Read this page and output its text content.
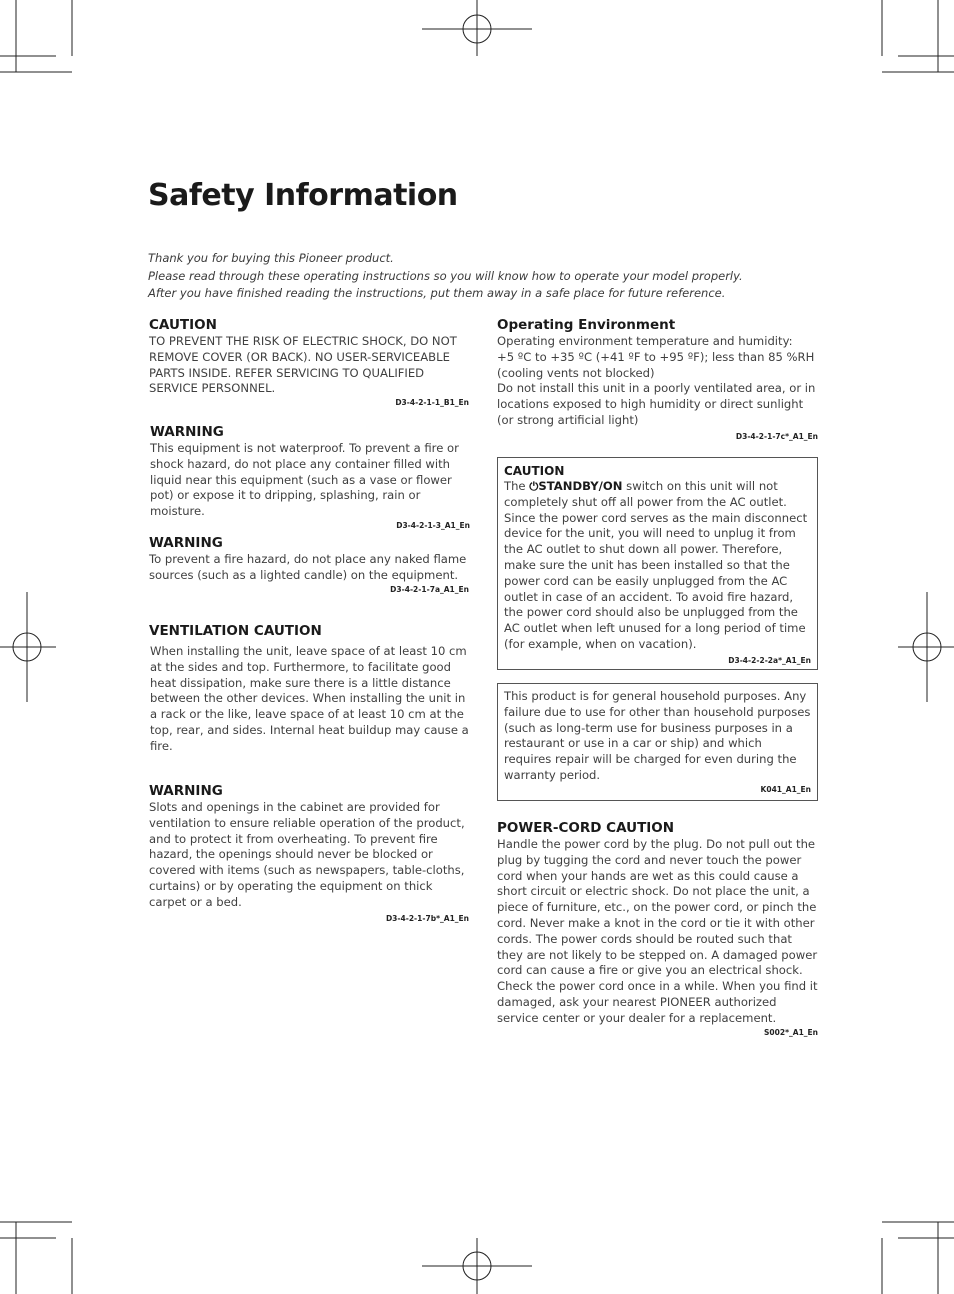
Safety Information
Thank you for buying this Pioneer product.
Please read through these operating instructions so you will know how to operate your model properly.
After you have finished reading the instructions, put them away in a safe place for future reference.
CAUTION

TO PREVENT THE RISK OF ELECTRIC SHOCK, DO NOT REMOVE COVER (OR BACK). NO USER-SERVICEABLE PARTS INSIDE. REFER SERVICING TO QUALIFIED SERVICE PERSONNEL.

D3-4-2-1-1_B1_En
WARNING

This equipment is not waterproof. To prevent a fire or shock hazard, do not place any container filled with liquid near this equipment (such as a vase or flower pot) or expose it to dripping, splashing, rain or moisture.

D3-4-2-1-3_A1_En
WARNING

To prevent a fire hazard, do not place any naked flame sources (such as a lighted candle) on the equipment.

D3-4-2-1-7a_A1_En
VENTILATION CAUTION

When installing the unit, leave space of at least 10 cm at the sides and top. Furthermore, to facilitate good heat dissipation, make sure there is a little distance between the other devices. When installing the unit in a rack or the like, leave space of at least 10 cm at the top, rear, and sides. Internal heat buildup may cause a fire.

WARNING

Slots and openings in the cabinet are provided for ventilation to ensure reliable operation of the product, and to protect it from overheating. To prevent fire hazard, the openings should never be blocked or covered with items (such as newspapers, table-cloths, curtains) or by operating the equipment on thick carpet or a bed.

D3-4-2-1-7b*_A1_En
Operating Environment

Operating environment temperature and humidity:

+5 ºC to +35 ºC (+41 ºF to +95 ºF); less than 85 %RH (cooling vents not blocked)

Do not install this unit in a poorly ventilated area, or in locations exposed to high humidity or direct sunlight (or strong artificial light)

D3-4-2-1-7c*_A1_En
CAUTION

The ⏻STANDBY/ON switch on this unit will not completely shut off all power from the AC outlet. Since the power cord serves as the main disconnect device for the unit, you will need to unplug it from the AC outlet to shut down all power. Therefore, make sure the unit has been installed so that the power cord can be easily unplugged from the AC outlet in case of an accident. To avoid fire hazard, the power cord should also be unplugged from the AC outlet when left unused for a long period of time (for example, when on vacation).

D3-4-2-2-2a*_A1_En

This product is for general household purposes. Any failure due to use for other than household purposes (such as long-term use for business purposes in a restaurant or use in a car or ship) and which requires repair will be charged for even during the warranty period.

K041_A1_En
POWER-CORD CAUTION

Handle the power cord by the plug. Do not pull out the plug by tugging the cord and never touch the power cord when your hands are wet as this could cause a short circuit or electric shock. Do not place the unit, a piece of furniture, etc., on the power cord, or pinch the cord. Never make a knot in the cord or tie it with other cords. The power cords should be routed such that they are not likely to be stepped on. A damaged power cord can cause a fire or give you an electrical shock. Check the power cord once in a while. When you find it damaged, ask your nearest PIONEER authorized service center or your dealer for a replacement.

S002*_A1_En
